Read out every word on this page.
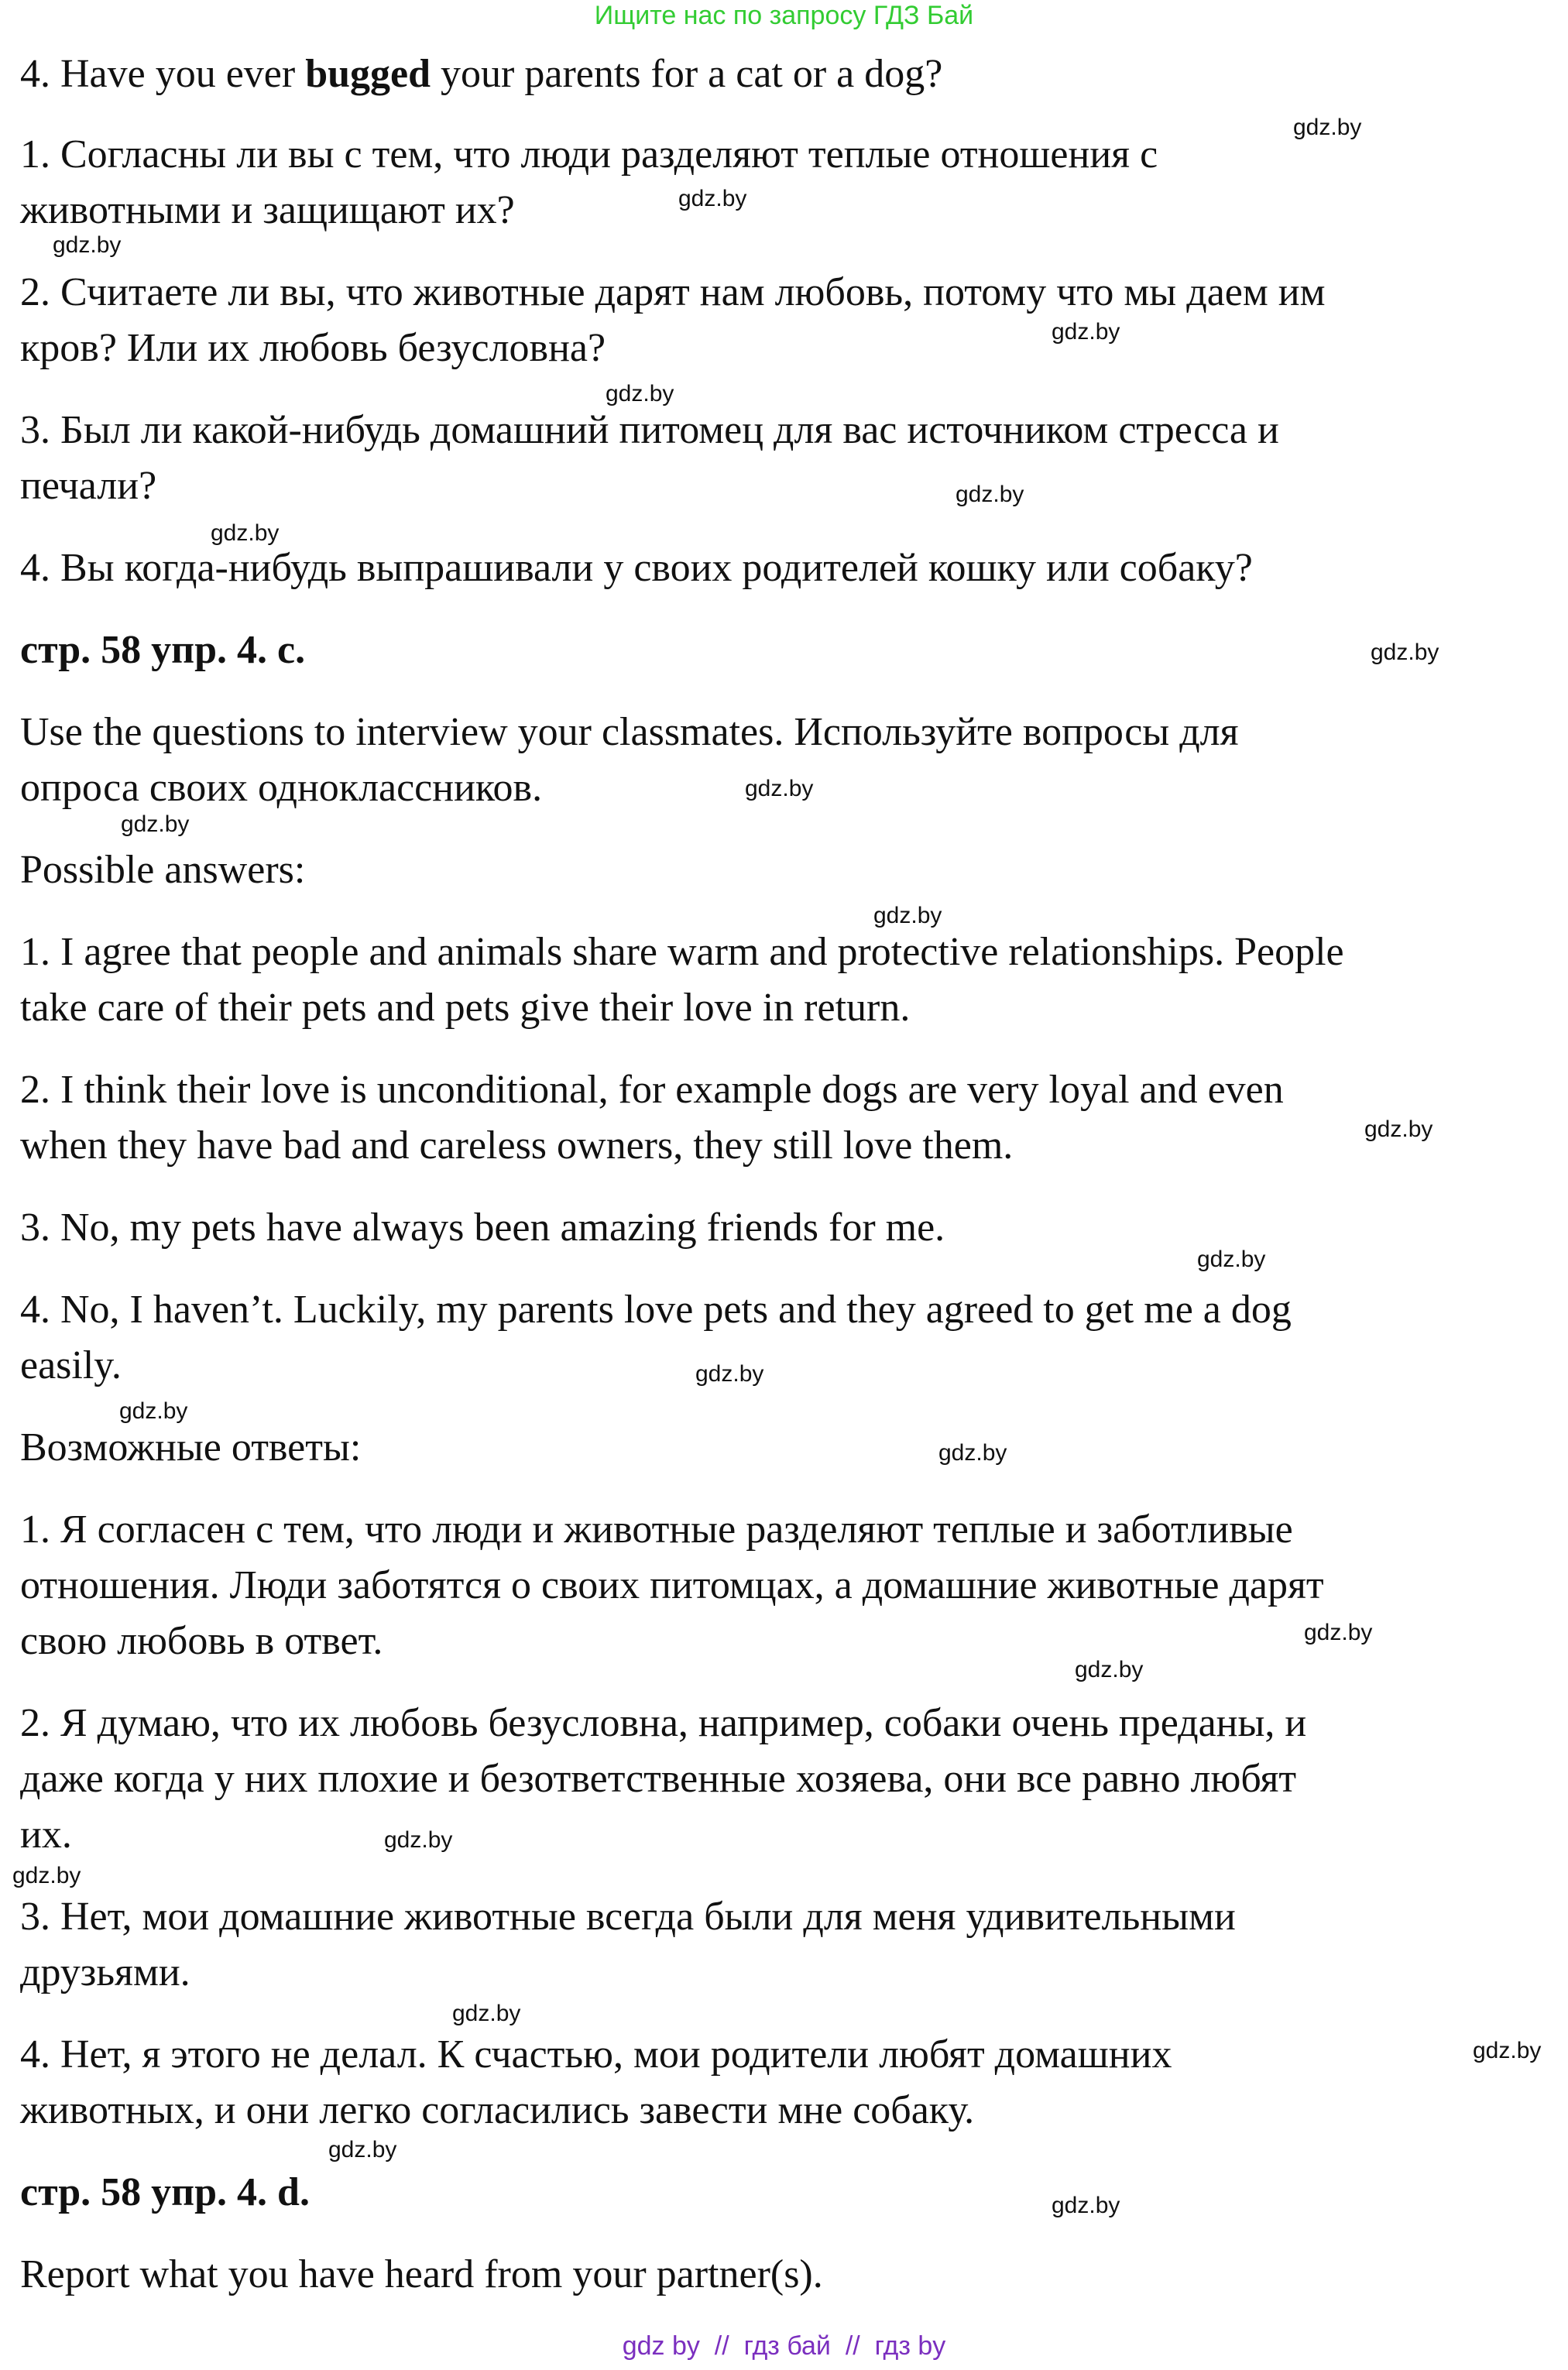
Ищите нас по запросу ГДЗ Бай
4. Have you ever bugged your parents for a cat or a dog?
1. Согласны ли вы с тем, что люди разделяют теплые отношения с
животными и защищают их?
2. Считаете ли вы, что животные дарят нам любовь, потому что мы даем им
кров? Или их любовь безусловна?
3. Был ли какой-нибудь домашний питомец для вас источником стресса и
печали?
4. Вы когда-нибудь выпрашивали у своих родителей кошку или собаку?
стр. 58 упр. 4. c.
Use the questions to interview your classmates. Используйте вопросы для
опроса своих одноклассников.
Possible answers:
1. I agree that people and animals share warm and protective relationships. People
take care of their pets and pets give their love in return.
2. I think their love is unconditional, for example dogs are very loyal and even
when they have bad and careless owners, they still love them.
3. No, my pets have always been amazing friends for me.
4. No, I haven’t. Luckily, my parents love pets and they agreed to get me a dog
easily.
Возможные ответы:
1. Я согласен с тем, что люди и животные разделяют теплые и заботливые
отношения. Люди заботятся о своих питомцах, а домашние животные дарят
свою любовь в ответ.
2. Я думаю, что их любовь безусловна, например, собаки очень преданы, и
даже когда у них плохие и безответственные хозяева, они все равно любят
их.
3. Нет, мои домашние животные всегда были для меня удивительными
друзьями.
4. Нет, я этого не делал. К счастью, мои родители любят домашних
животных, и они легко согласились завести мне собаку.
стр. 58 упр. 4. d.
Report what you have heard from your partner(s).
gdz.by
gdz.by
gdz.by
gdz.by
gdz.by
gdz.by
gdz.by
gdz.by
gdz.by
gdz.by
gdz.by
gdz.by
gdz.by
gdz.by
gdz.by
gdz.by
gdz.by
gdz.by
gdz.by
gdz.by
gdz.by
gdz.by
gdz.by
gdz.by
gdz by  //  гдз бай  //  гдз by
